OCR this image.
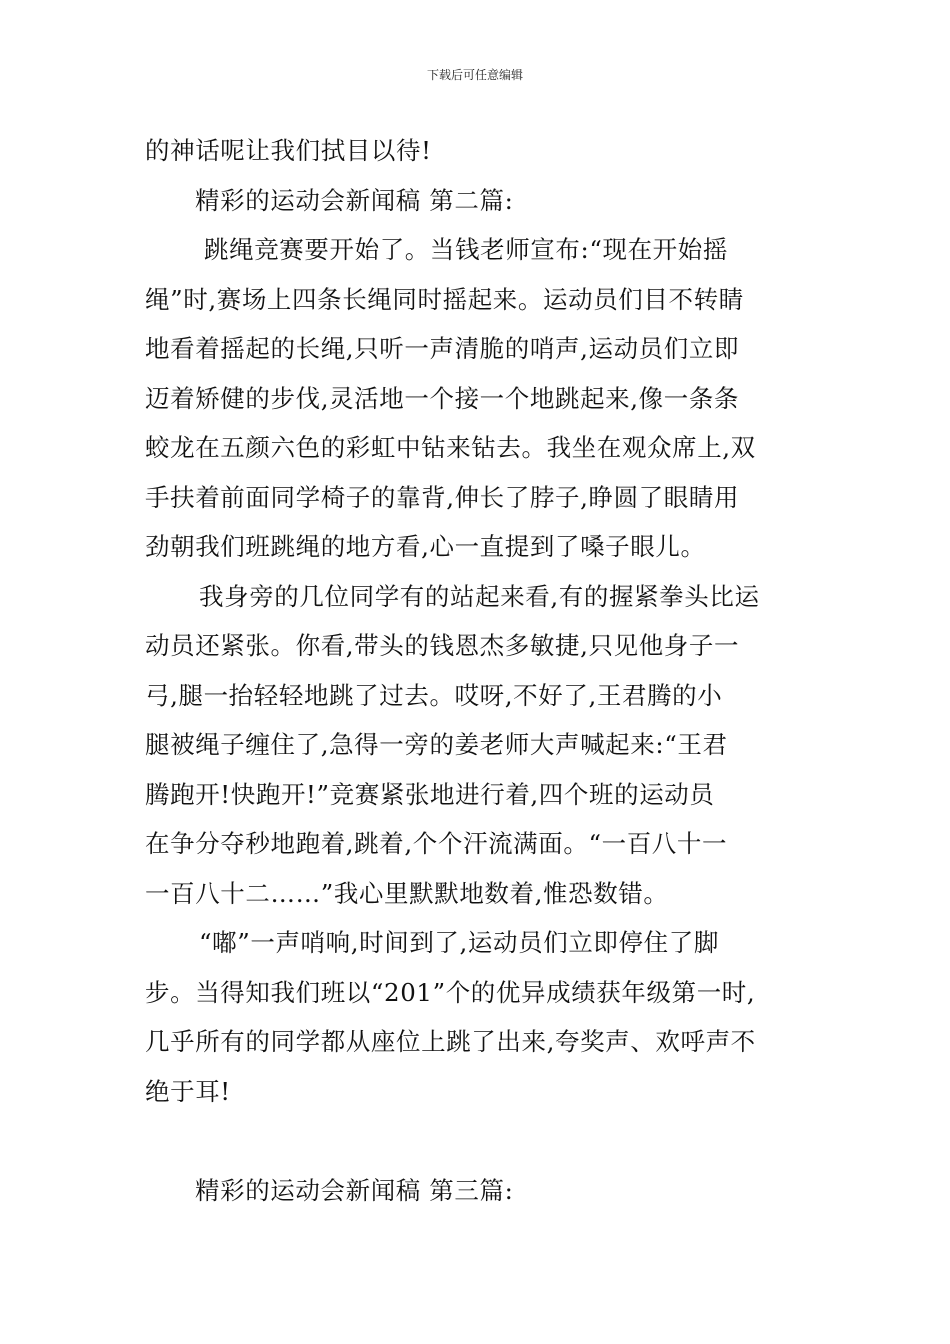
下载后可任意编辑
的神话呢让我们拭目以待!
精彩的运动会新闻稿 第二篇:
跳绳竞赛要开始了。当钱老师宣布:“现在开始摇
绳”时,赛场上四条长绳同时摇起来。运动员们目不转睛
地看着摇起的长绳,只听一声清脆的哨声,运动员们立即
迈着矫健的步伐,灵活地一个接一个地跳起来,像一条条
蛟龙在五颜六色的彩虹中钻来钻去。我坐在观众席上,双
手扶着前面同学椅子的靠背,伸长了脖子,睁圆了眼睛用
劲朝我们班跳绳的地方看,心一直提到了嗓子眼儿。
我身旁的几位同学有的站起来看,有的握紧拳头比运
动员还紧张。你看,带头的钱恩杰多敏捷,只见他身子一
弓,腿一抬轻轻地跳了过去。哎呀,不好了,王君腾的小
腿被绳子缠住了,急得一旁的姜老师大声喊起来:“王君
腾跑开!快跑开!”竞赛紧张地进行着,四个班的运动员
在争分夺秒地跑着,跳着,个个汗流满面。“一百八十一
一百八十二……”我心里默默地数着,惟恐数错。
“嘟”一声哨响,时间到了,运动员们立即停住了脚
步。当得知我们班以“201”个的优异成绩获年级第一时,
几乎所有的同学都从座位上跳了出来,夸奖声、欢呼声不
绝于耳!
精彩的运动会新闻稿 第三篇:
